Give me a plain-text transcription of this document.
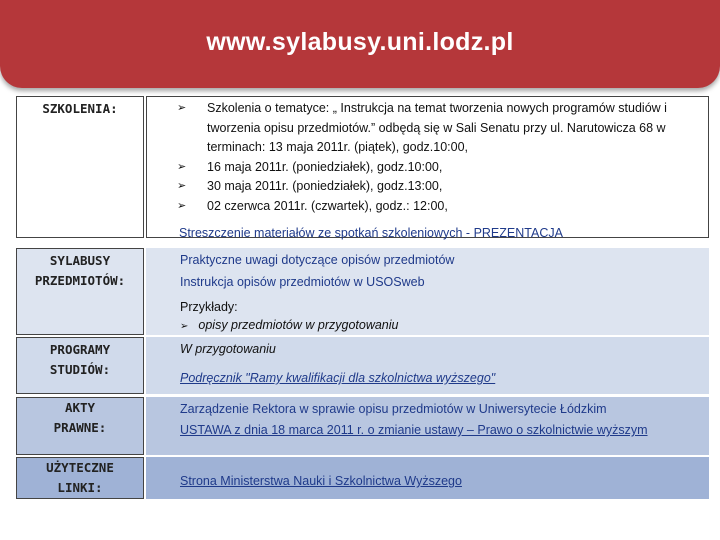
www.sylabusy.uni.lodz.pl
SZKOLENIA:	➢ Szkolenia o tematyce: „ Instrukcja na temat tworzenia nowych programów studiów i tworzenia opisu przedmiotów.” odbędą się w Sali Senatu przy ul. Narutowicza 68 w terminach: 13 maja 2011r. (piątek), godz.10:00,
➢ 16 maja 2011r. (poniedziałek), godz.10:00,
➢ 30 maja 2011r. (poniedziałek), godz.13:00,
➢ 02 czerwca 2011r. (czwartek), godz.: 12:00,
Streszczenie materiałów ze spotkań szkoleniowych - PREZENTACJA
SYLABUSY
PRZEDMIOTÓW:
Praktyczne uwagi dotyczące opisów przedmiotów
Instrukcja opisów przedmiotów w USOSweb
Przykłady:
➢ opisy przedmiotów w przygotowaniu
PROGRAMY
STUDIÓW:
W przygotowaniu
Podręcznik "Ramy kwalifikacji dla szkolnictwa wyższego"
AKTY
PRAWNE:
Zarządzenie Rektora w sprawie opisu przedmiotów w Uniwersytecie Łódzkim
USTAWA z dnia 18 marca 2011 r. o zmianie ustawy – Prawo o szkolnictwie wyższym
UŻYTECZNE
LINKI:	Strona Ministerstwa Nauki i Szkolnictwa Wyższego
